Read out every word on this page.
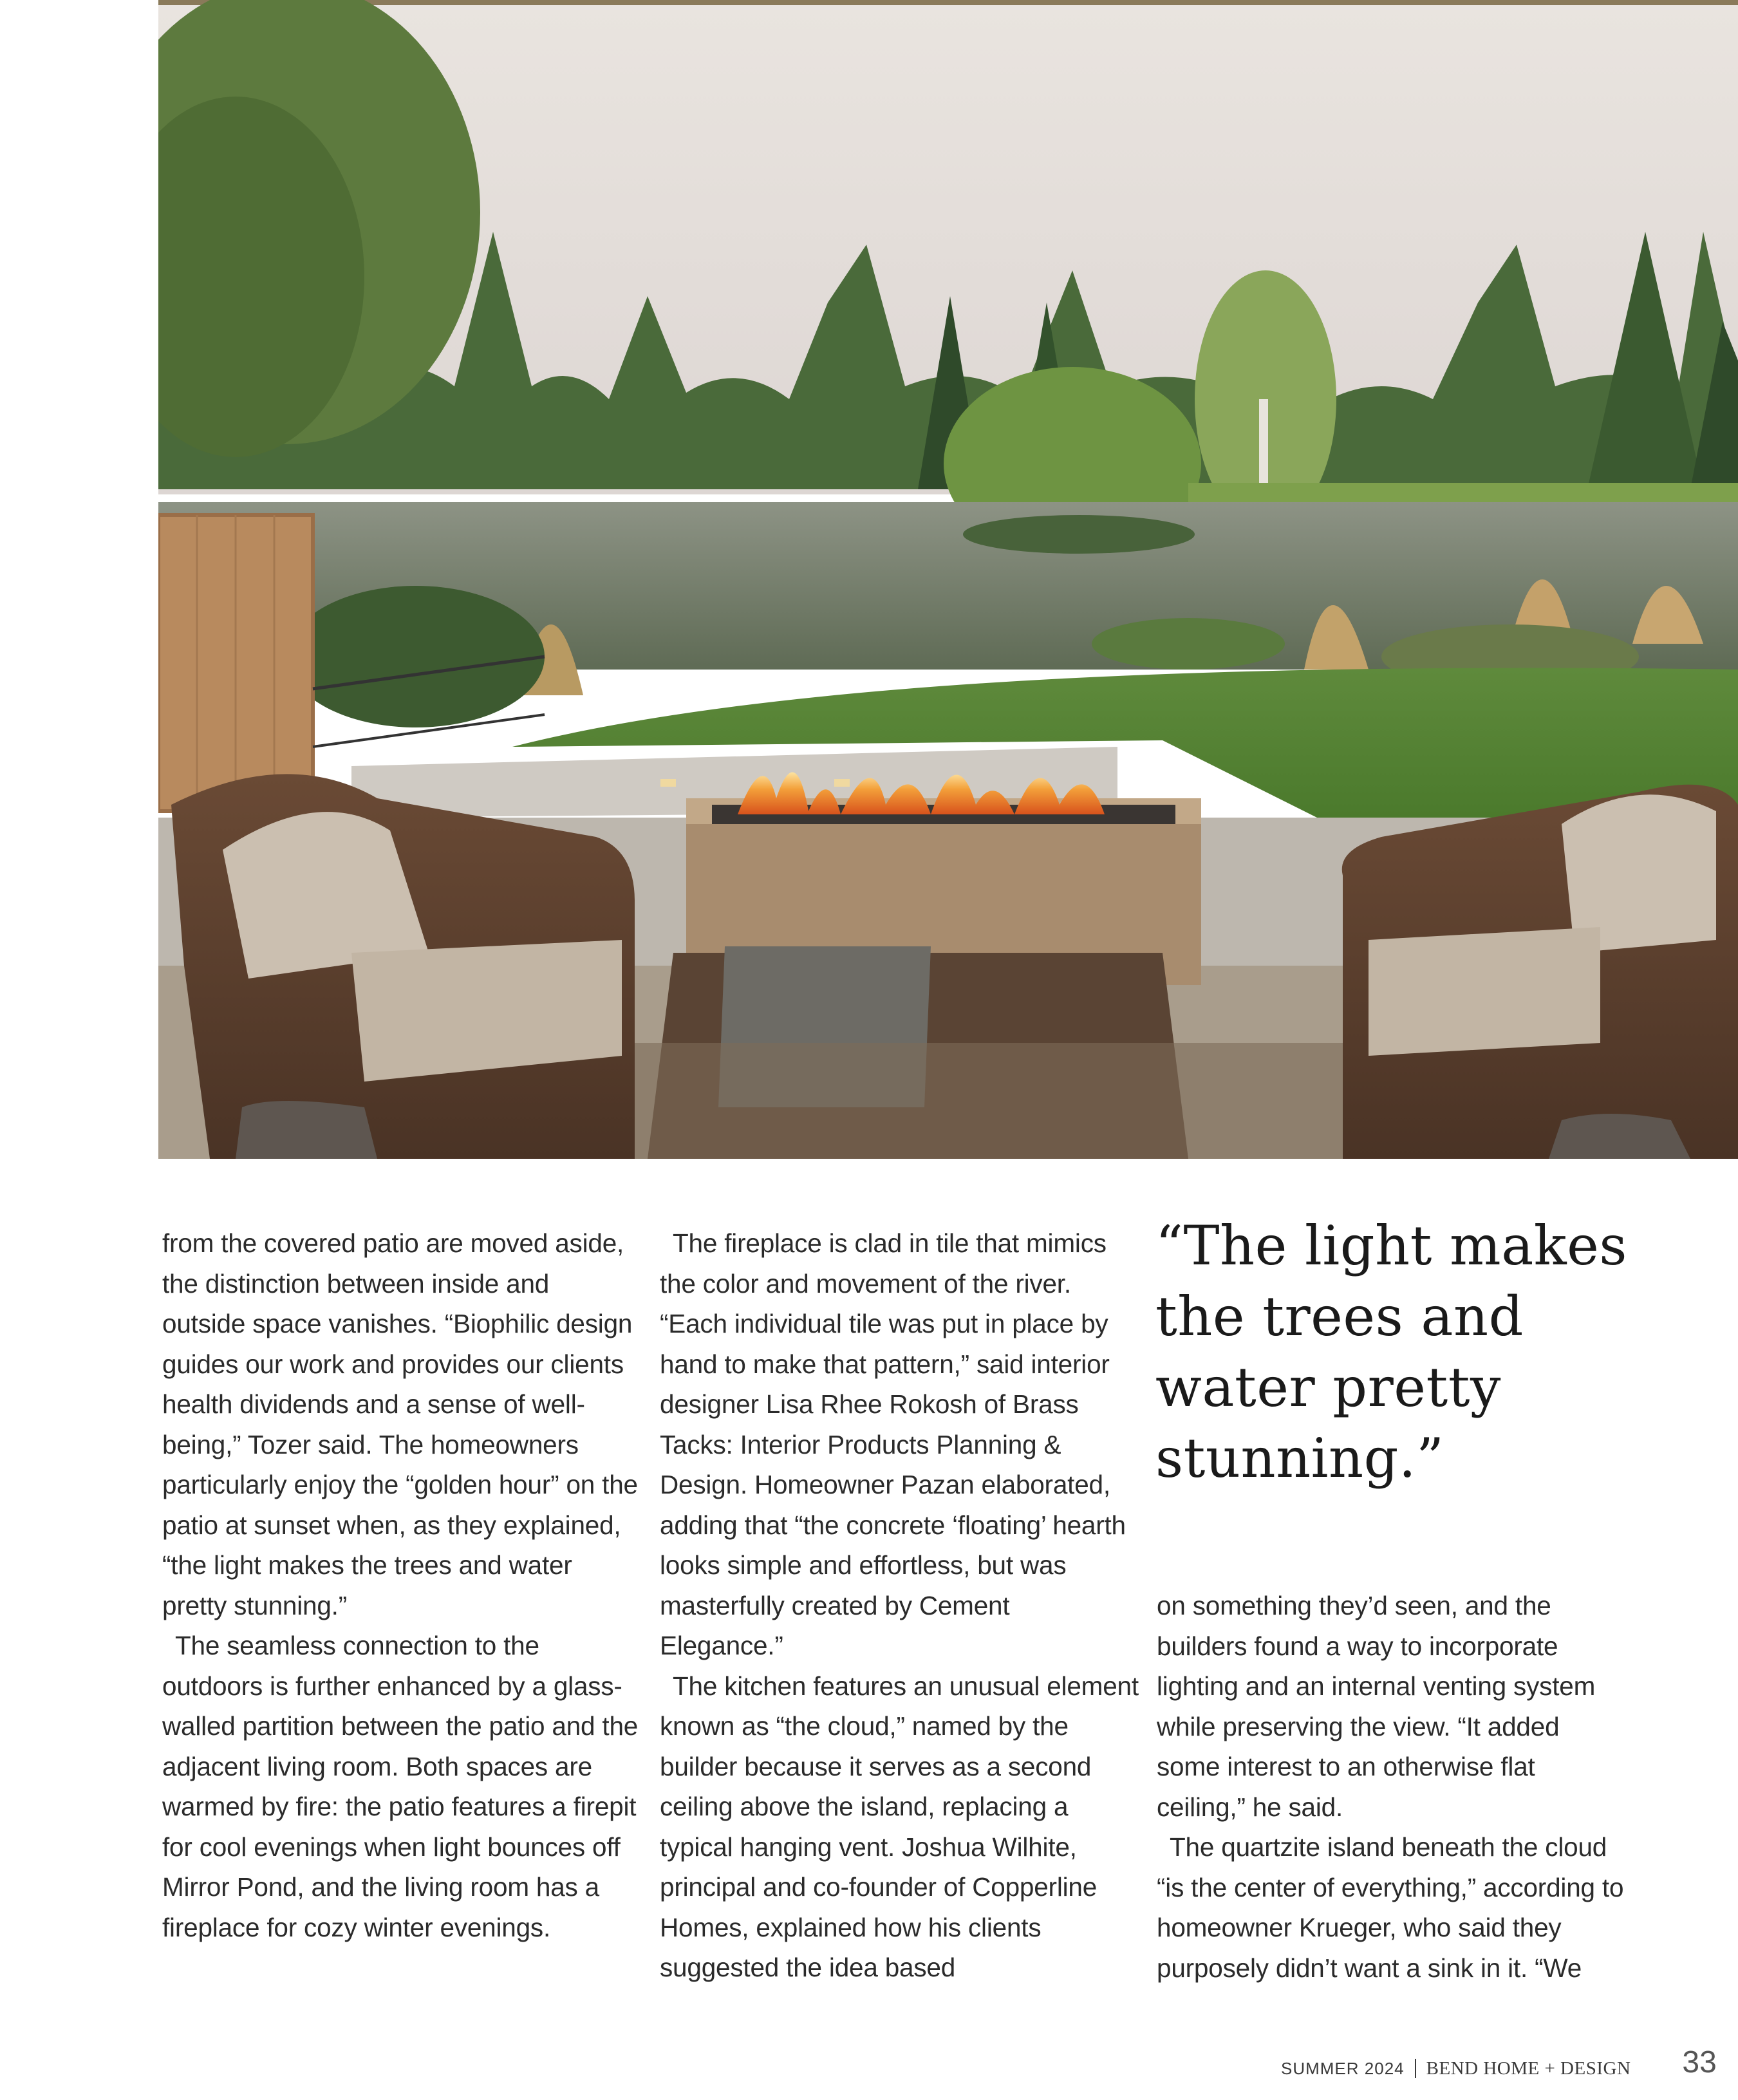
from the covered patio are moved aside, the distinction between inside and outside space vanishes. “Biophilic design guides our work and provides our clients health dividends and a sense of well-being,” Tozer said. The homeowners particularly enjoy the “golden hour” on the patio at sunset when, as they explained, “the light makes the trees and water pretty stunning.”

The seamless connection to the outdoors is further enhanced by a glass-walled partition between the patio and the adjacent living room. Both spaces are warmed by fire: the patio features a firepit for cool evenings when light bounces off Mirror Pond, and the living room has a fireplace for cozy winter evenings.

The fireplace is clad in tile that mimics the color and movement of the river. “Each individual tile was put in place by hand to make that pattern,” said interior designer Lisa Rhee Rokosh of Brass Tacks: Interior Products Planning & Design. Homeowner Pazan elaborated, adding that “the concrete ‘floating’ hearth looks simple and effortless, but was masterfully created by Cement Elegance.”

The kitchen features an unusual element known as “the cloud,” named by the builder because it serves as a second ceiling above the island, replacing a typical hanging vent. Joshua Wilhite, principal and co-founder of Copperline Homes, explained how his clients suggested the idea based

“The light makes the trees and water pretty stunning.”

on something they’d seen, and the builders found a way to incorporate lighting and an internal venting system while preserving the view. “It added some interest to an otherwise flat ceiling,” he said.

The quartzite island beneath the cloud “is the center of everything,” according to homeowner Krueger, who said they purposely didn’t want a sink in it. “We

SUMMER 2024 BEND HOME + DESIGN 33
